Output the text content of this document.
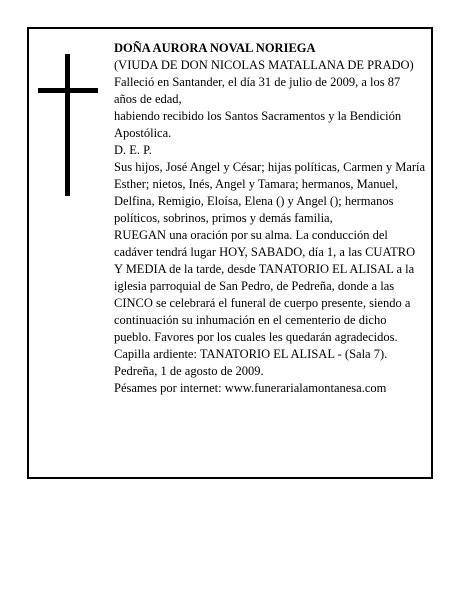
DOÑA AURORA NOVAL NORIEGA

(VIUDA DE DON NICOLAS MATALLANA DE PRADO)

Falleció en Santander, el día 31 de julio de 2009, a los 87 años de edad,

habiendo recibido los Santos Sacramentos y la Bendición Apostólica.

D. E. P.

Sus hijos, José Angel y César; hijas políticas, Carmen y María Esther; nietos, Inés, Angel y Tamara; hermanos, Manuel, Delfina, Remigio, Eloísa, Elena () y Angel (); hermanos políticos, sobrinos, primos y demás familia,

RUEGAN una oración por su alma. La conducción del cadáver tendrá lugar HOY, SABADO, día 1, a las CUATRO Y MEDIA de la tarde, desde TANATORIO EL ALISAL a la iglesia parroquial de San Pedro, de Pedreña, donde a las CINCO se celebrará el funeral de cuerpo presente, siendo a continuación su inhumación en el cementerio de dicho pueblo. Favores por los cuales les quedarán agradecidos.

Capilla ardiente: TANATORIO EL ALISAL - (Sala 7).

Pedreña, 1 de agosto de 2009.

Pésames por internet: www.funerarialamontanesa.com
